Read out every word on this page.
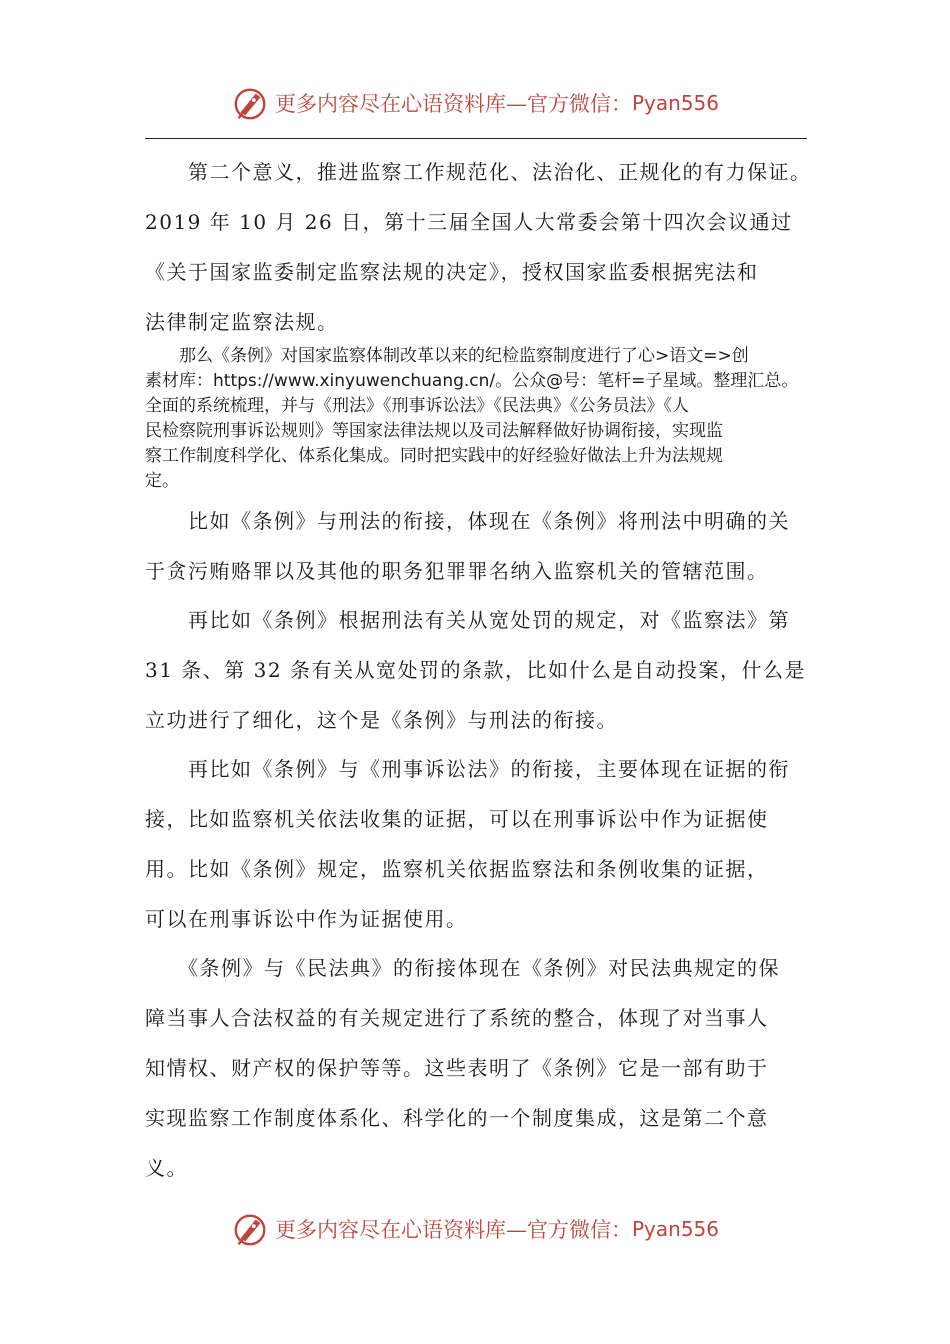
更多内容尽在心语资料库—官方微信： Pyan556
　　第二个意义，推进监察工作规范化、法治化、正规化的有力保证。
2019 年 10 月 26 日，第十三届全国人大常委会第十四次会议通过
《关于国家监委制定监察法规的决定》，授权国家监委根据宪法和
法律制定监察法规。
　　那么《条例》对国家监察体制改革以来的纪检监察制度进行了心>语文=>创
素材库：https://www.xinyuwenchuang.cn/。公众@号：笔杆=子星域。整理汇总。
全面的系统梳理，并与《刑法》《刑事诉讼法》《民法典》《公务员法》《人
民检察院刑事诉讼规则》等国家法律法规以及司法解释做好协调衔接，实现监
察工作制度科学化、体系化集成。同时把实践中的好经验好做法上升为法规规
定。
　　比如《条例》与刑法的衔接，体现在《条例》将刑法中明确的关
于贪污贿赂罪以及其他的职务犯罪罪名纳入监察机关的管辖范围。
　　再比如《条例》根据刑法有关从宽处罚的规定，对《监察法》第
31 条、第 32 条有关从宽处罚的条款，比如什么是自动投案，什么是
立功进行了细化，这个是《条例》与刑法的衔接。
　　再比如《条例》与《刑事诉讼法》的衔接，主要体现在证据的衔
接，比如监察机关依法收集的证据，可以在刑事诉讼中作为证据使
用。比如《条例》规定，监察机关依据监察法和条例收集的证据，
可以在刑事诉讼中作为证据使用。
　　《条例》与《民法典》的衔接体现在《条例》对民法典规定的保
障当事人合法权益的有关规定进行了系统的整合，体现了对当事人
知情权、财产权的保护等等。这些表明了《条例》它是一部有助于
实现监察工作制度体系化、科学化的一个制度集成，这是第二个意
义。
更多内容尽在心语资料库—官方微信： Pyan556
